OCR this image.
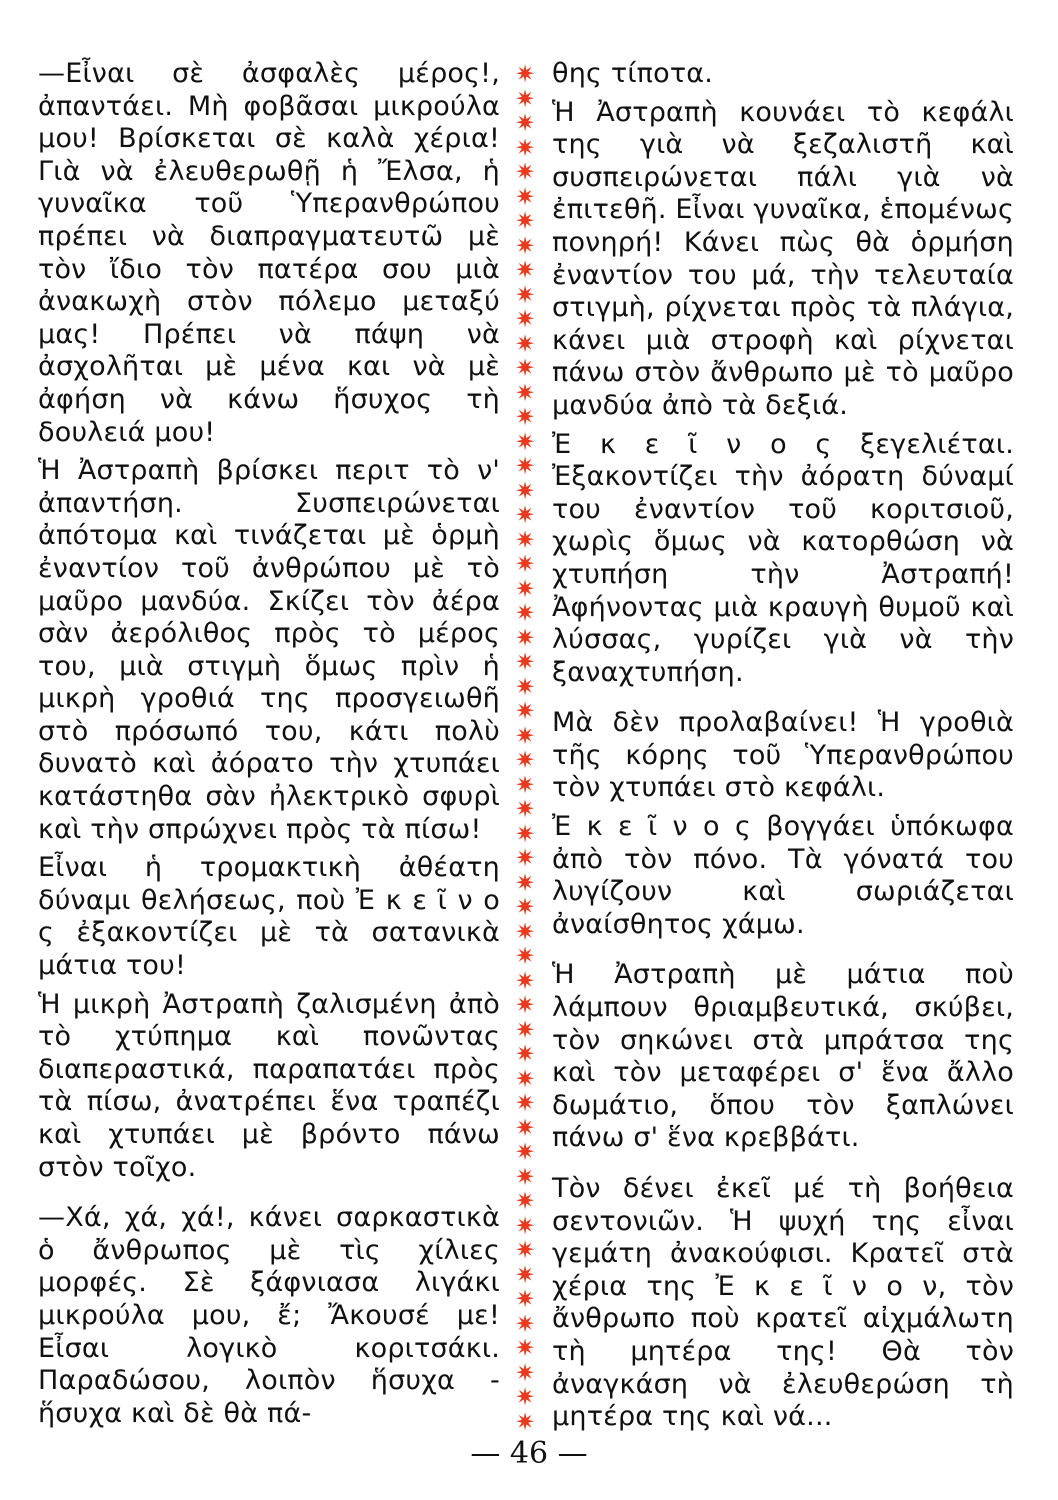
—Εἶναι σὲ ἀσφαλὲς μέρος!, ἀπαντάει. Μὴ φοβᾶσαι μικρούλα μου! Βρίσκεται σὲ καλὰ χέρια! Γιὰ νὰ ἐλευθερωθῇ ἡ Ἔλσα, ἡ γυναῖκα τοῦ Ὑπερανθρώπου πρέπει νὰ διαπραγματευτῶ μὲ τὸν ἴδιο τὸν πατέρα σου μιὰ ἀνακωχὴ στὸν πόλεμο μεταξύ μας! Πρέπει νὰ πάψη νὰ ἀσχολῆται μὲ μένα και νὰ μὲ ἀφήση νὰ κάνω ἥσυχος τὴ δουλειά μου!

Ἡ Ἀστραπὴ βρίσκει περιτ τὸ ν' ἀπαντήση. Συσπειρώνεται ἀπότομα καὶ τινάζεται μὲ ὁρμὴ ἐναντίον τοῦ ἀνθρώπου μὲ τὸ μαῦρο μανδύα. Σκίζει τὸν ἀέρα σὰν ἀερόλιθος πρὸς τὸ μέρος του, μιὰ στιγμὴ ὅμως πρὶν ἡ μικρὴ γροθιά της προσγειωθῆ στὸ πρόσωπό του, κάτι πολὺ δυνατὸ καὶ ἀόρατο τὴν χτυπάει κατάστηθα σὰν ἠλεκτρικὸ σφυρὶ καὶ τὴν σπρώχνει πρὸς τὰ πίσω!

Εἶναι ἡ τρομακτικὴ ἀθέατη δύναμι θελήσεως, ποὺ Ἐ κ ε ῖ ν ο ς ἐξακοντίζει μὲ τὰ σατανικὰ μάτια του!

Ἡ μικρὴ Ἀστραπὴ ζαλισμένη ἀπὸ τὸ χτύπημα καὶ πονῶντας διαπεραστικά, παραπατάει πρὸς τὰ πίσω, ἀνατρέπει ἕνα τραπέζι καὶ χτυπάει μὲ βρόντο πάνω στὸν τοῖχο.

—Χά, χά, χά!, κάνει σαρκαστικὰ ὁ ἄνθρωπος μὲ τὶς χίλιες μορφές. Σὲ ξάφνιασα λιγάκι μικρούλα μου, ἔ; Ἄκουσέ με! Εἶσαι λογικὸ κοριτσάκι. Παραδώσου, λοιπὸν ἥσυχα - ἥσυχα καὶ δὲ θὰ πά-

✷
✷
✷
✷
✷
✷
✷
✷
✷
✷
✷
✷
✷
✷
✷
✷
✷
✷
✷
✷
✷
✷
✷
✷
✷
✷
✷
✷
✷
✷
✷
✷
✷
✷
✷
✷
✷
✷
✷
✷
✷
✷
✷
✷
✷
✷
✷
✷
✷
✷
✷
✷
✷
✷
✷
✷

θης τίποτα.

Ἡ Ἀστραπὴ κουνάει τὸ κεφάλι της γιὰ νὰ ξεζαλιστῆ καὶ συσπειρώνεται πάλι γιὰ νὰ ἐπιτεθῆ. Εἶναι γυναῖκα, ἑπομένως πονηρή! Κάνει πὼς θὰ ὁρμήση ἐναντίον του μά, τὴν τελευταία στιγμὴ, ρίχνεται πρὸς τὰ πλάγια, κάνει μιὰ στροφὴ καὶ ρίχνεται πάνω στὸν ἄνθρωπο μὲ τὸ μαῦρο μανδύα ἀπὸ τὰ δεξιά.

Ἐ κ ε ῖ ν ο ς ξεγελιέται. Ἐξακοντίζει τὴν ἀόρατη δύναμί του ἐναντίον τοῦ κοριτσιοῦ, χωρὶς ὅμως νὰ κατορθώση νὰ χτυπήση τὴν Ἀστραπή! Ἀφήνοντας μιὰ κραυγὴ θυμοῦ καὶ λύσσας, γυρίζει γιὰ νὰ τὴν ξαναχτυπήση.

Μὰ δὲν προλαβαίνει! Ἡ γροθιὰ τῆς κόρης τοῦ Ὑπερανθρώπου τὸν χτυπάει στὸ κεφάλι.

Ἐ κ ε ῖ ν ο ς βογγάει ὑπόκωφα ἀπὸ τὸν πόνο. Τὰ γόνατά του λυγίζουν καὶ σωριάζεται ἀναίσθητος χάμω.

Ἡ Ἀστραπὴ μὲ μάτια ποὺ λάμπουν θριαμβευτικά, σκύβει, τὸν σηκώνει στὰ μπράτσα της καὶ τὸν μεταφέρει σ' ἕνα ἄλλο δωμάτιο, ὅπου τὸν ξαπλώνει πάνω σ' ἕνα κρεββάτι.

Τὸν δένει ἐκεῖ μέ τὴ βοήθεια σεντονιῶν. Ἡ ψυχή της εἶναι γεμάτη ἀνακούφισι. Κρατεῖ στὰ χέρια της Ἐ κ ε ῖ ν ο ν, τὸν ἄνθρωπο ποὺ κρατεῖ αἰχμάλωτη τὴ μητέρα της! Θὰ τὸν ἀναγκάση νὰ ἐλευθερώση τὴ μητέρα της καὶ νά...

— 46 —
